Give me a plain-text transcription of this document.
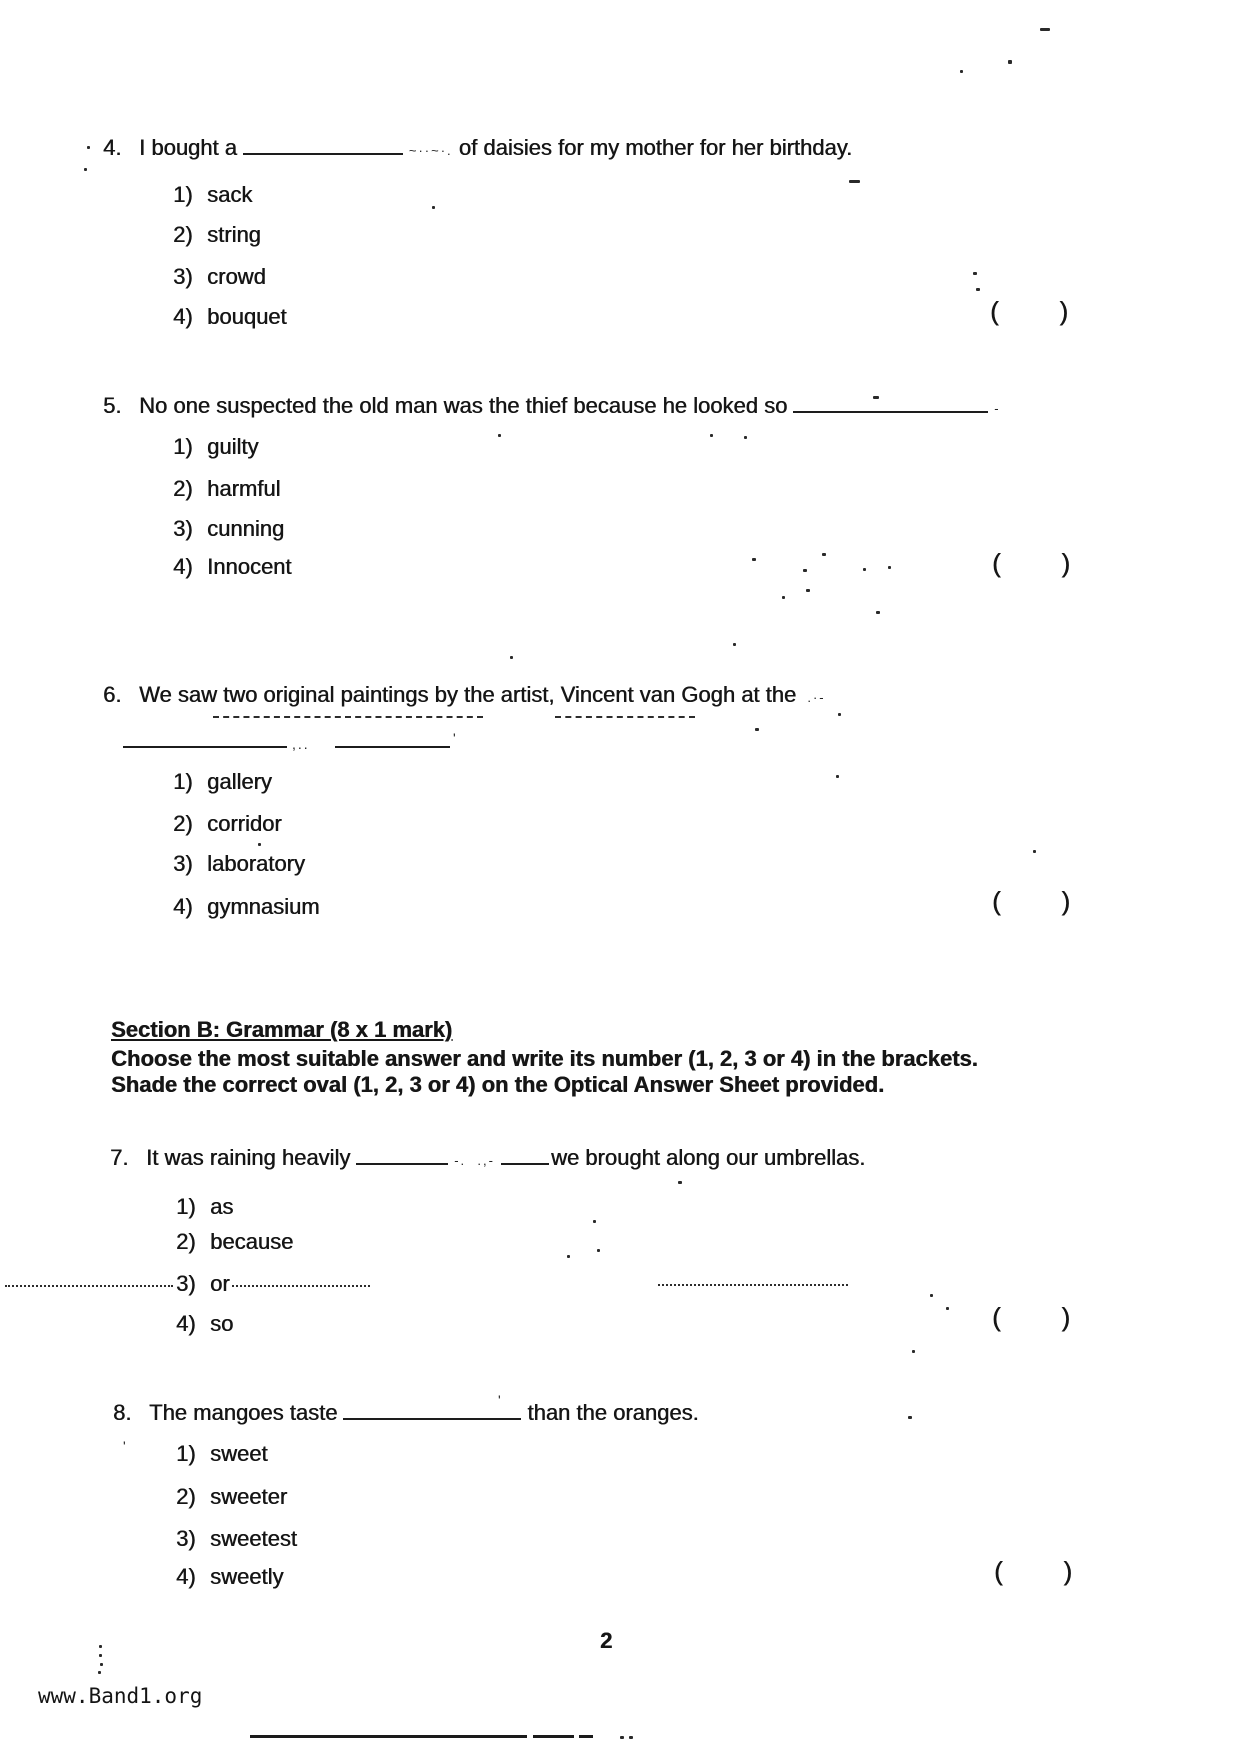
4. I bought a	~··~·. of daisies for my mother for her birthday.
1) sack
2) string
3) crowd
4) bouquet	( )
5. No one suspected the old man was the thief because he looked so	-
1) guilty
2) harmful
3) cunning
4) Innocent	( )
6. We saw two original paintings by the artist, Vincent van Gogh at the  .·-
,..	'
1) gallery
2) corridor
3) laboratory
4) gymnasium	( )
Section B: Grammar (8 x 1 mark)
Choose the most suitable answer and write its number (1, 2, 3 or 4) in the brackets.
Shade the correct oval (1, 2, 3 or 4) on the Optical Answer Sheet provided.
7. It was raining heavily	-.  .,-	we brought along our umbrellas.
1) as
2) because
3) or
4) so	( )
8. The mangoes taste	than the oranges.
'
' 1) sweet
2) sweeter
3) sweetest
4) sweetly	( )
2
www.Band1.org
